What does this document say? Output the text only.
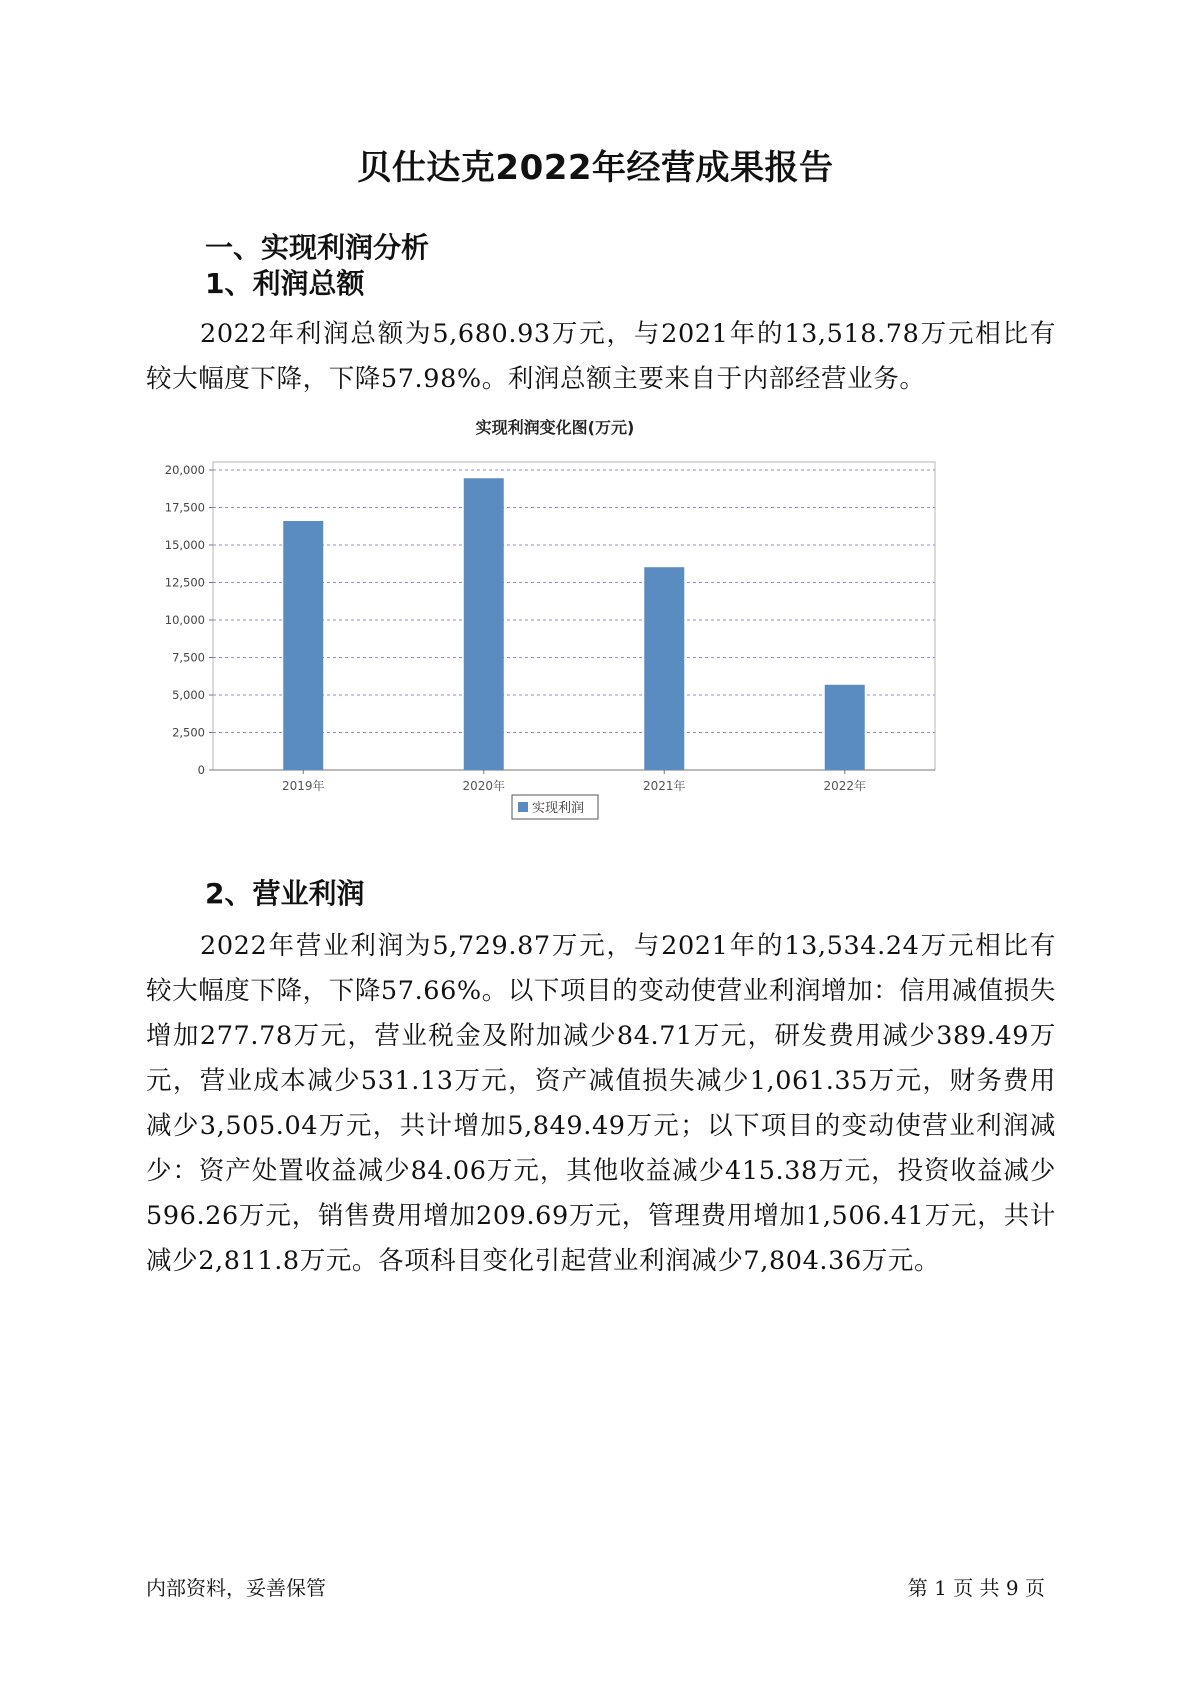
贝仕达克2022年经营成果报告
一、实现利润分析
1、利润总额
2022年利润总额为5,680.93万元，与2021年的13,518.78万元相比有较大幅度下降，下降57.98%。利润总额主要来自于内部经营业务。
实现利润变化图(万元)
0
2,500
5,000
7,500
10,000
12,500
15,000
17,500
20,000
2019年	2020年	2021年	2022年
实现利润
2、营业利润
2022年营业利润为5,729.87万元，与2021年的13,534.24万元相比有较大幅度下降，下降57.66%。以下项目的变动使营业利润增加：信用减值损失增加277.78万元，营业税金及附加减少84.71万元，研发费用减少389.49万元，营业成本减少531.13万元，资产减值损失减少1,061.35万元，财务费用减少3,505.04万元，共计增加5,849.49万元；以下项目的变动使营业利润减少：资产处置收益减少84.06万元，其他收益减少415.38万元，投资收益减少596.26万元，销售费用增加209.69万元，管理费用增加1,506.41万元，共计减少2,811.8万元。各项科目变化引起营业利润减少7,804.36万元。
内部资料，妥善保管	第 1 页 共 9 页
